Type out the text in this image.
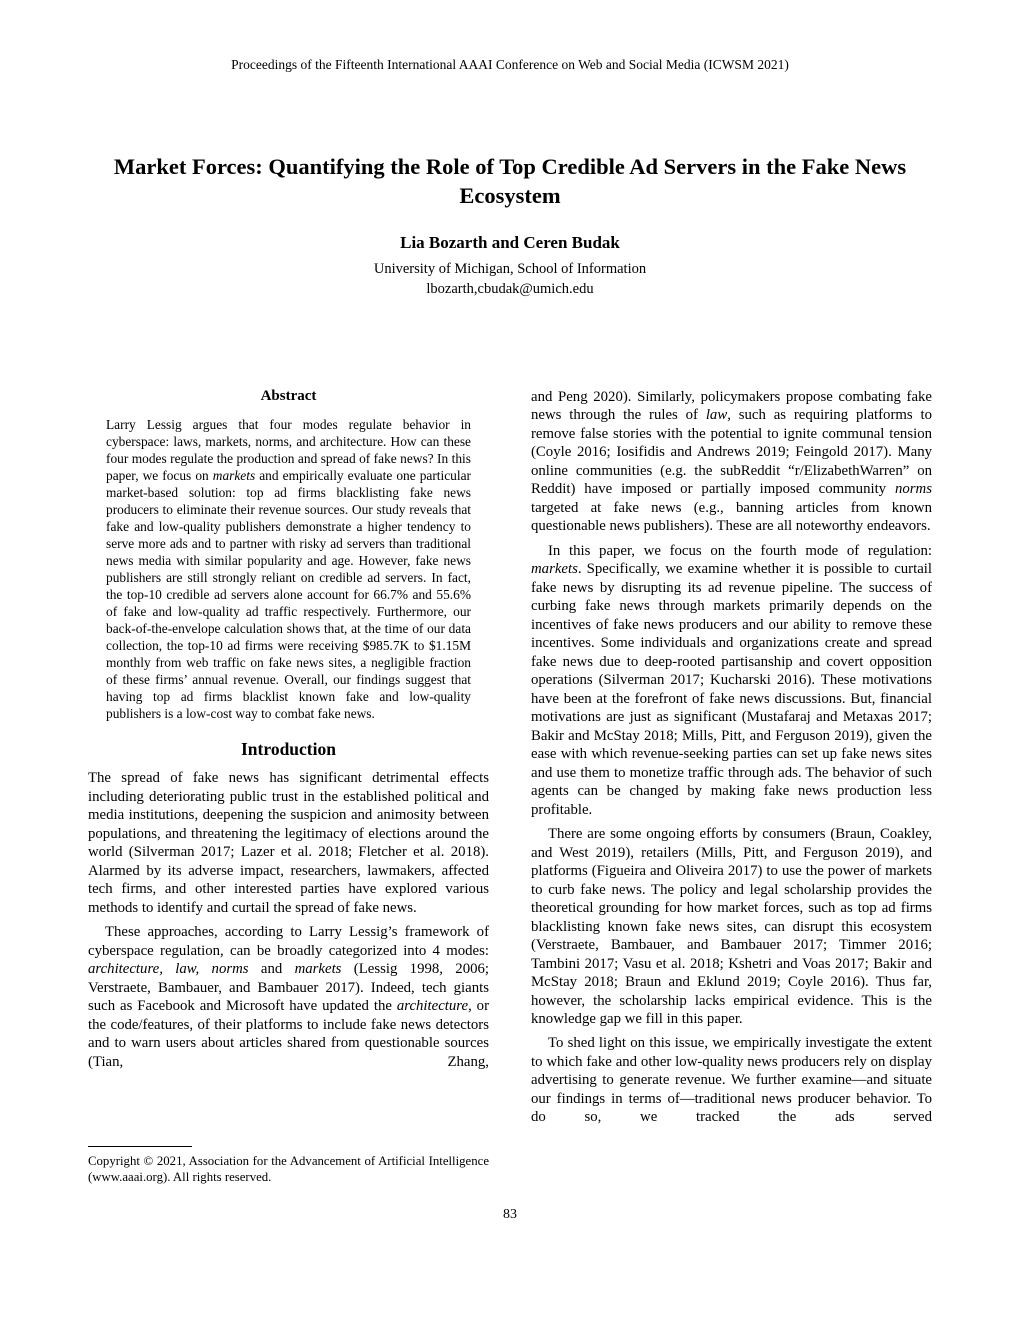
Proceedings of the Fifteenth International AAAI Conference on Web and Social Media (ICWSM 2021)
Market Forces: Quantifying the Role of Top Credible Ad Servers in the Fake News Ecosystem
Lia Bozarth and Ceren Budak
University of Michigan, School of Information
lbozarth,cbudak@umich.edu
Abstract
Larry Lessig argues that four modes regulate behavior in cyberspace: laws, markets, norms, and architecture. How can these four modes regulate the production and spread of fake news? In this paper, we focus on markets and empirically evaluate one particular market-based solution: top ad firms blacklisting fake news producers to eliminate their revenue sources. Our study reveals that fake and low-quality publishers demonstrate a higher tendency to serve more ads and to partner with risky ad servers than traditional news media with similar popularity and age. However, fake news publishers are still strongly reliant on credible ad servers. In fact, the top-10 credible ad servers alone account for 66.7% and 55.6% of fake and low-quality ad traffic respectively. Furthermore, our back-of-the-envelope calculation shows that, at the time of our data collection, the top-10 ad firms were receiving $985.7K to $1.15M monthly from web traffic on fake news sites, a negligible fraction of these firms’ annual revenue. Overall, our findings suggest that having top ad firms blacklist known fake and low-quality publishers is a low-cost way to combat fake news.
Introduction

The spread of fake news has significant detrimental effects including deteriorating public trust in the established political and media institutions, deepening the suspicion and animosity between populations, and threatening the legitimacy of elections around the world (Silverman 2017; Lazer et al. 2018; Fletcher et al. 2018). Alarmed by its adverse impact, researchers, lawmakers, affected tech firms, and other interested parties have explored various methods to identify and curtail the spread of fake news.

These approaches, according to Larry Lessig’s framework of cyberspace regulation, can be broadly categorized into 4 modes: architecture, law, norms and markets (Lessig 1998, 2006; Verstraete, Bambauer, and Bambauer 2017). Indeed, tech giants such as Facebook and Microsoft have updated the architecture, or the code/features, of their platforms to include fake news detectors and to warn users about articles shared from questionable sources (Tian, Zhang,

Copyright © 2021, Association for the Advancement of Artificial Intelligence (www.aaai.org). All rights reserved.

and Peng 2020). Similarly, policymakers propose combating fake news through the rules of law, such as requiring platforms to remove false stories with the potential to ignite communal tension (Coyle 2016; Iosifidis and Andrews 2019; Feingold 2017). Many online communities (e.g. the subReddit “r/ElizabethWarren” on Reddit) have imposed or partially imposed community norms targeted at fake news (e.g., banning articles from known questionable news publishers). These are all noteworthy endeavors.

In this paper, we focus on the fourth mode of regulation: markets. Specifically, we examine whether it is possible to curtail fake news by disrupting its ad revenue pipeline. The success of curbing fake news through markets primarily depends on the incentives of fake news producers and our ability to remove these incentives. Some individuals and organizations create and spread fake news due to deep-rooted partisanship and covert opposition operations (Silverman 2017; Kucharski 2016). These motivations have been at the forefront of fake news discussions. But, financial motivations are just as significant (Mustafaraj and Metaxas 2017; Bakir and McStay 2018; Mills, Pitt, and Ferguson 2019), given the ease with which revenue-seeking parties can set up fake news sites and use them to monetize traffic through ads. The behavior of such agents can be changed by making fake news production less profitable.

There are some ongoing efforts by consumers (Braun, Coakley, and West 2019), retailers (Mills, Pitt, and Ferguson 2019), and platforms (Figueira and Oliveira 2017) to use the power of markets to curb fake news. The policy and legal scholarship provides the theoretical grounding for how market forces, such as top ad firms blacklisting known fake news sites, can disrupt this ecosystem (Verstraete, Bambauer, and Bambauer 2017; Timmer 2016; Tambini 2017; Vasu et al. 2018; Kshetri and Voas 2017; Bakir and McStay 2018; Braun and Eklund 2019; Coyle 2016). Thus far, however, the scholarship lacks empirical evidence. This is the knowledge gap we fill in this paper.

To shed light on this issue, we empirically investigate the extent to which fake and other low-quality news producers rely on display advertising to generate revenue. We further examine—and situate our findings in terms of—traditional news producer behavior. To do so, we tracked the ads served

83
